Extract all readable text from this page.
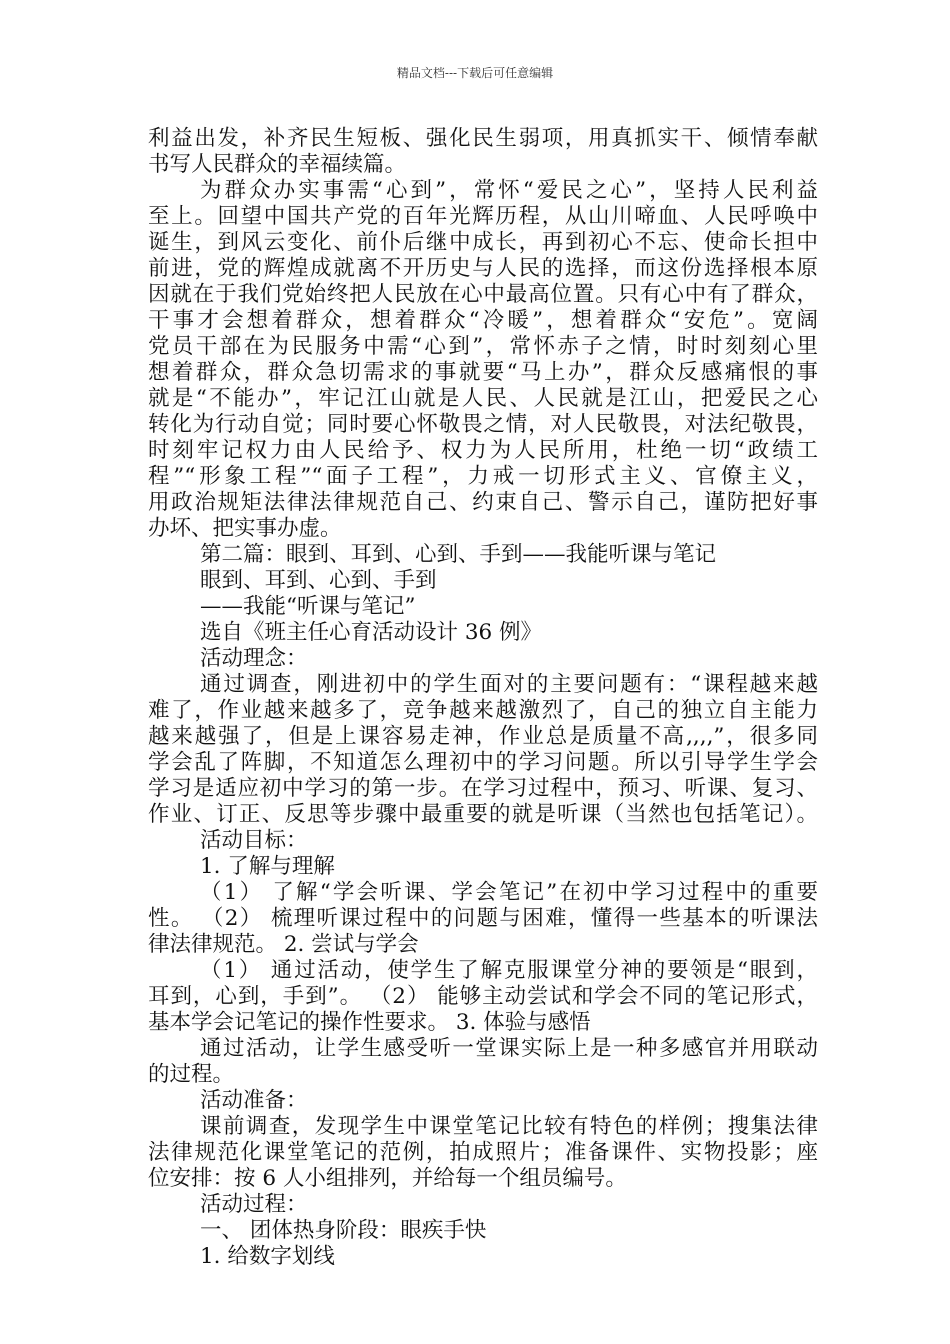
精品文档---下载后可任意编辑
利益出发，补齐民生短板、强化民生弱项，用真抓实干、倾情奉献
书写人民群众的幸福续篇。
为群众办实事需“心到”，常怀“爱民之心”，坚持人民利益
至上。回望中国共产党的百年光辉历程，从山川啼血、人民呼唤中
诞生，到风云变化、前仆后继中成长，再到初心不忘、使命长担中
前进，党的辉煌成就离不开历史与人民的选择，而这份选择根本原
因就在于我们党始终把人民放在心中最高位置。只有心中有了群众，
干事才会想着群众，想着群众“冷暖”，想着群众“安危”。宽阔
党员干部在为民服务中需“心到”，常怀赤子之情，时时刻刻心里
想着群众，群众急切需求的事就要“马上办”，群众反感痛恨的事
就是“不能办”，牢记江山就是人民、人民就是江山，把爱民之心
转化为行动自觉；同时要心怀敬畏之情，对人民敬畏，对法纪敬畏，
时刻牢记权力由人民给予、权力为人民所用，杜绝一切“政绩工
程”“形象工程”“面子工程”，力戒一切形式主义、官僚主义，
用政治规矩法律法律规范自己、约束自己、警示自己，谨防把好事
办坏、把实事办虚。
第二篇：眼到、耳到、心到、手到——我能听课与笔记
眼到、耳到、心到、手到
——我能“听课与笔记”
选自《班主任心育活动设计 36 例》
活动理念：
通过调查，刚进初中的学生面对的主要问题有：“课程越来越
难了，作业越来越多了，竞争越来越激烈了，自己的独立自主能力
越来越强了，但是上课容易走神，作业总是质量不高,,,,”，很多同
学会乱了阵脚，不知道怎么理初中的学习问题。所以引导学生学会
学习是适应初中学习的第一步。在学习过程中，预习、听课、复习、
作业、订正、反思等步骤中最重要的就是听课（当然也包括笔记）。
活动目标：
1. 了解与理解
（1） 了解“学会听课、学会笔记”在初中学习过程中的重要
性。 （2） 梳理听课过程中的问题与困难，懂得一些基本的听课法
律法律规范。 2. 尝试与学会
（1） 通过活动，使学生了解克服课堂分神的要领是“眼到，
耳到，心到，手到”。 （2） 能够主动尝试和学会不同的笔记形式，
基本学会记笔记的操作性要求。 3. 体验与感悟
通过活动，让学生感受听一堂课实际上是一种多感官并用联动
的过程。
活动准备：
课前调查，发现学生中课堂笔记比较有特色的样例；搜集法律
法律规范化课堂笔记的范例，拍成照片；准备课件、实物投影；座
位安排：按 6 人小组排列，并给每一个组员编号。
活动过程：
一、 团体热身阶段：眼疾手快
1. 给数字划线
